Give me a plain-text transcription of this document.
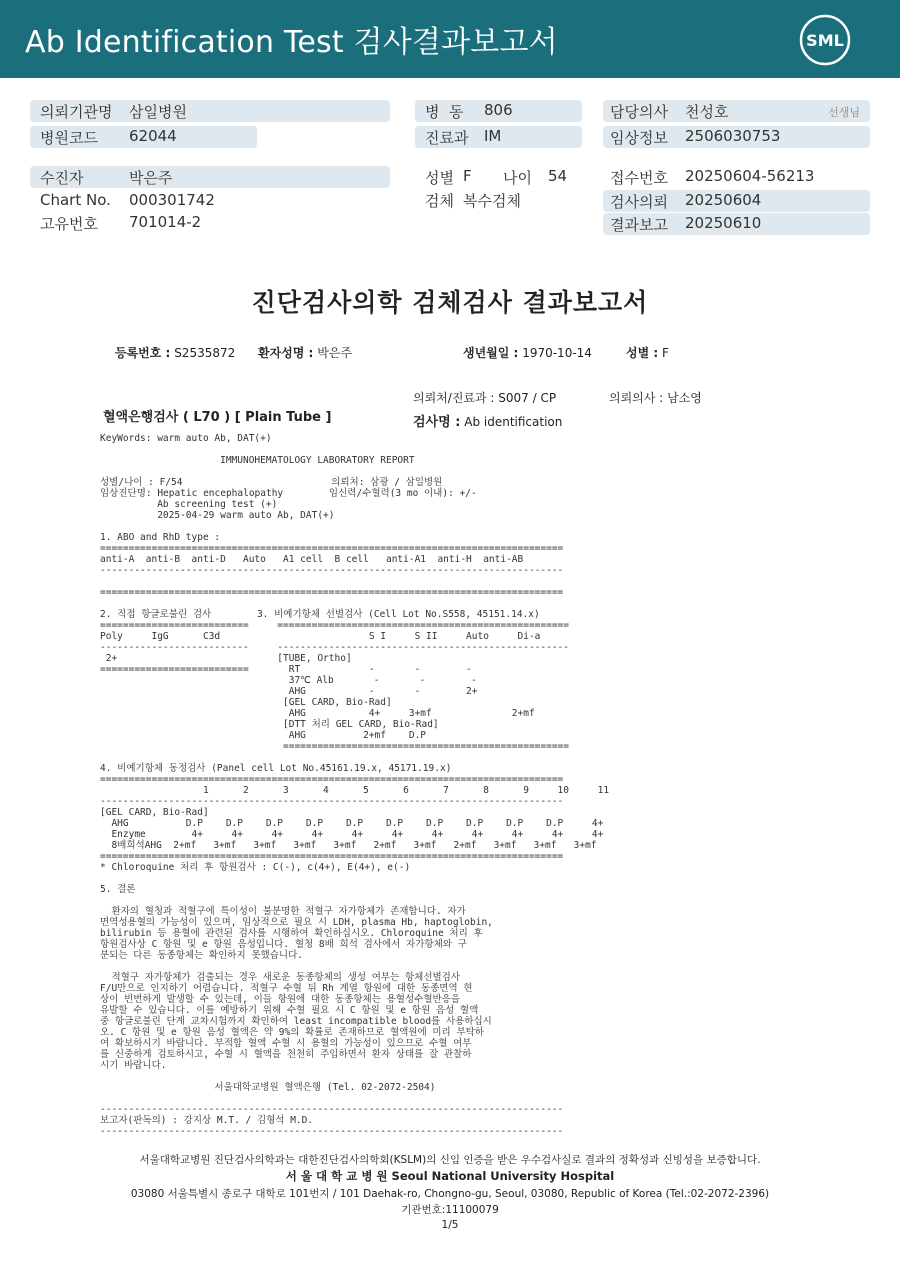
Ab Identification Test 검사결과보고서	SML
의뢰기관명 삼일병원
병원코드 62044
수진자	박은주
Chart No. 000301742
고유번호 701014-2
병  동 806
진료과 IM
성별 F 나이 54
검체 복수검체
담당의사 천성호	선생님
임상정보 2506030753
접수번호 20250604-56213
검사의뢰 20250604
결과보고 20250610
진단검사의학 검체검사 결과보고서
등록번호 : S2535872 환자성명 : 박은주	생년월일 : 1970-10-14	성별 : F
의뢰처/진료과 : S007 / CP	의뢰의사 : 남소영
혈액은행검사 ( L70 ) [ Plain Tube ]	검사명 : Ab identification
KeyWords: warm auto Ab, DAT(+)

IMMUNOHEMATOLOGY LABORATORY REPORT

성별/나이 : F/54                          의뢰처: 삼광 / 삼일병원
임상진단명: Hepatic encephalopathy        임신력/수혈력(3 mo 이내): +/-
Ab screening test (+)
2025-04-29 warm auto Ab, DAT(+)

1. ABO and RhD type :
=================================================================================
anti-A  anti-B  anti-D   Auto   A1 cell  B cell   anti-A1  anti-H  anti-AB
---------------------------------------------------------------------------------

=================================================================================

2. 직접 항글로불린 검사        3. 비예기항체 선별검사 (Cell Lot No.S558, 45151.14.x)
==========================     ===================================================
Poly     IgG      C3d                          S I     S II     Auto     Di-a
--------------------------     ---------------------------------------------------
2+                            [TUBE, Ortho]
==========================       RT            -       -        -
37℃ Alb       -       -        -
AHG           -       -        2+
[GEL CARD, Bio-Rad]
AHG           4+     3+mf              2+mf
[DTT 처리 GEL CARD, Bio-Rad]
AHG          2+mf    D.P
==================================================

4. 비예기항체 동정검사 (Panel cell Lot No.45161.19.x, 45171.19.x)
=================================================================================
1      2      3      4      5      6      7      8      9     10     11
---------------------------------------------------------------------------------
[GEL CARD, Bio-Rad]
AHG          D.P    D.P    D.P    D.P    D.P    D.P    D.P    D.P    D.P    D.P     4+
Enzyme        4+     4+     4+     4+     4+     4+     4+     4+     4+     4+     4+
8배희석AHG  2+mf   3+mf   3+mf   3+mf   3+mf   2+mf   3+mf   2+mf   3+mf   3+mf   3+mf
=================================================================================
* Chloroquine 처리 후 항원검사 : C(-), c(4+), E(4+), e(-)

5. 결론

환자의 혈청과 적혈구에 특이성이 불분명한 적혈구 자가항체가 존재합니다. 자가
면역성용혈의 가능성이 있으며, 임상적으로 필요 시 LDH, plasma Hb, haptoglobin,
bilirubin 등 용혈에 관련된 검사를 시행하여 확인하십시오. Chloroquine 처리 후
항원검사상 C 항원 및 e 항원 음성입니다. 혈청 8배 희석 검사에서 자가항체와 구
분되는 다른 동종항체는 확인하지 못했습니다.

적혈구 자가항체가 검출되는 경우 새로운 동종항체의 생성 여부는 항체선별검사
F/U만으로 인지하기 어렵습니다. 적혈구 수혈 뒤 Rh 계열 항원에 대한 동종면역 현
상이 빈번하게 발생할 수 있는데, 이들 항원에 대한 동종항체는 용혈성수혈반응을
유발할 수 있습니다. 이를 예방하기 위해 수혈 필요 시 C 항원 및 e 항원 음성 혈액
중 항글로불린 단계 교차시험까지 확인하여 least incompatible blood를 사용하십시
오. C 항원 및 e 항원 음성 혈액은 약 9%의 확률로 존재하므로 혈액원에 미리 부탁하
여 확보하시기 바랍니다. 부적합 혈액 수혈 시 용혈의 가능성이 있으므로 수혈 여부
를 신중하게 검토하시고, 수혈 시 혈액을 천천히 주입하면서 환자 상태를 잘 관찰하
시기 바랍니다.

서울대학교병원 혈액은행 (Tel. 02-2072-2504)

---------------------------------------------------------------------------------
보고자(판독의) : 강지상 M.T. / 김형석 M.D.
---------------------------------------------------------------------------------
서울대학교병원 진단검사의학과는 대한진단검사의학회(KSLM)의 신임 인증을 받은 우수검사실로 결과의 정확성과 신빙성을 보증합니다.
서 울 대 학 교 병 원 Seoul National University Hospital
03080 서울특별시 종로구 대학로 101번지 / 101 Daehak-ro, Chongno-gu, Seoul, 03080, Republic of Korea (Tel.:02-2072-2396)
기관번호:11100079
1/5
